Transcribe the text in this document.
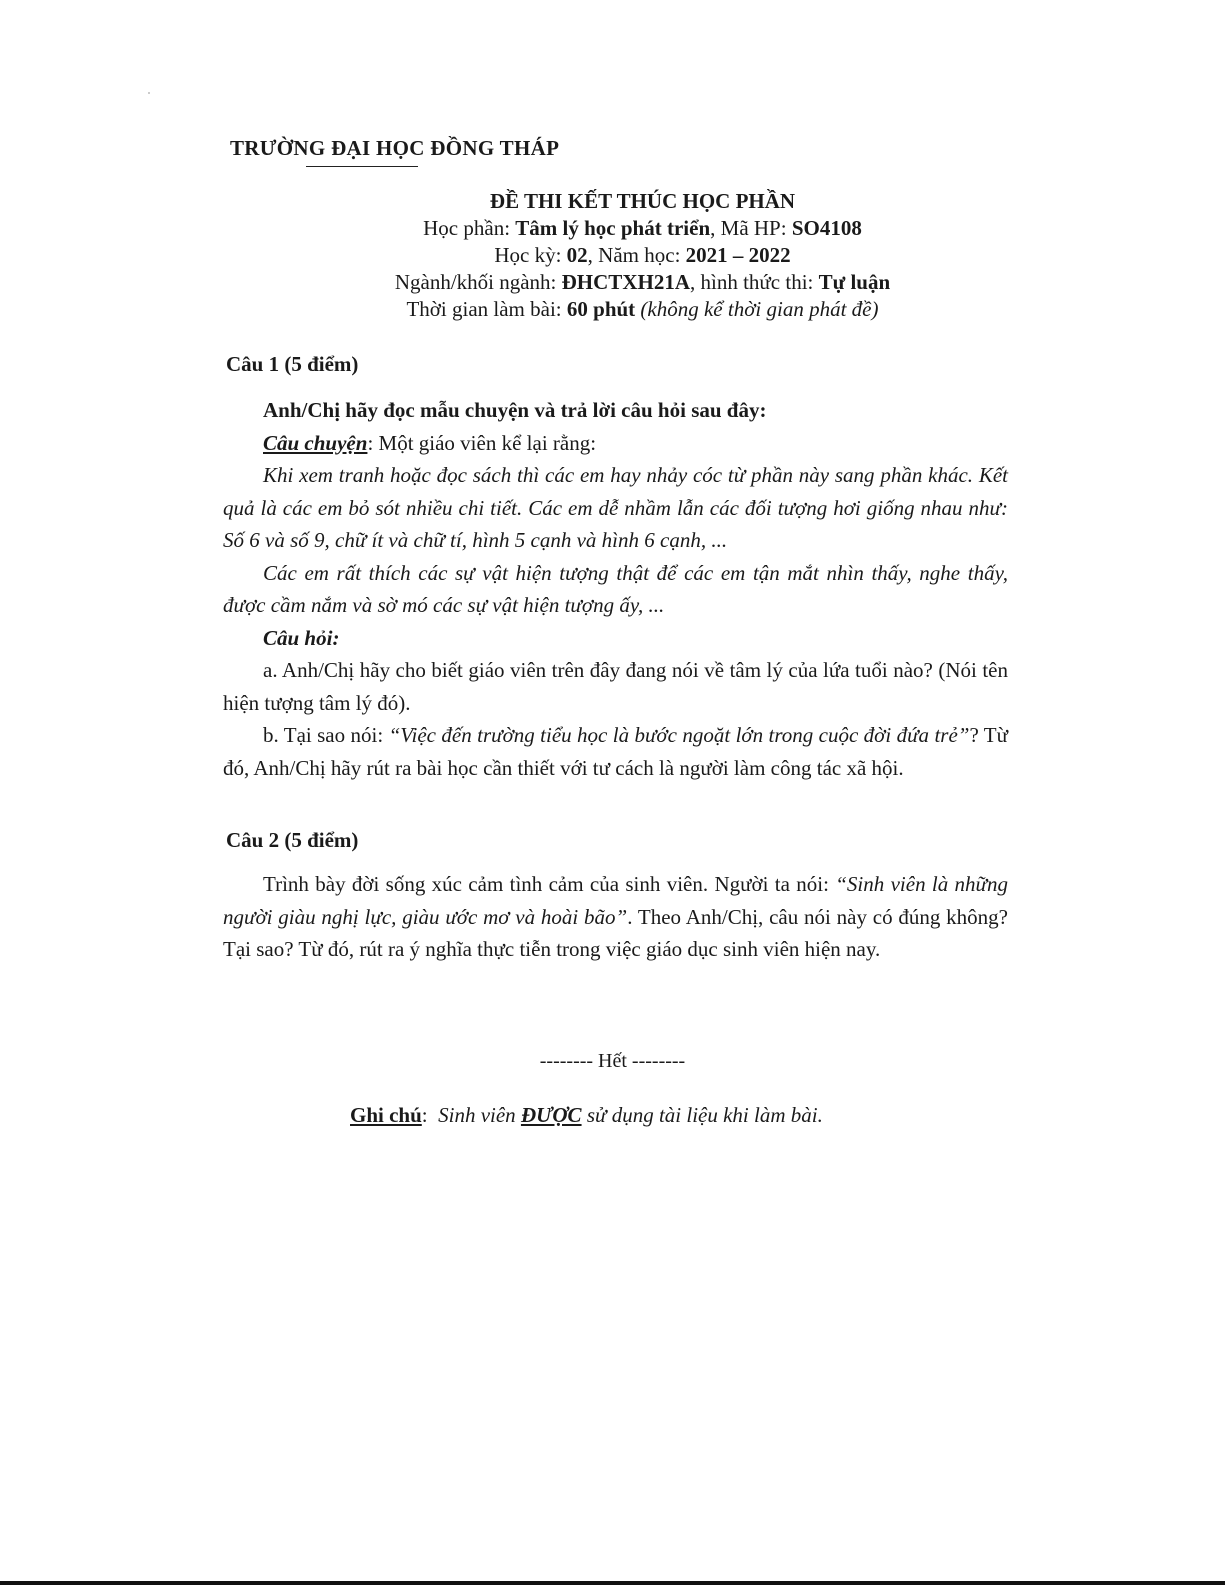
TRƯỜNG ĐẠI HỌC ĐỒNG THÁP
ĐỀ THI KẾT THÚC HỌC PHẦN
Học phần: Tâm lý học phát triển, Mã HP: SO4108
Học kỳ: 02, Năm học: 2021 – 2022
Ngành/khối ngành: ĐHCTXH21A, hình thức thi: Tự luận
Thời gian làm bài: 60 phút (không kể thời gian phát đề)
Câu 1 (5 điểm)

Anh/Chị hãy đọc mẫu chuyện và trả lời câu hỏi sau đây:

Câu chuyện: Một giáo viên kể lại rằng:

Khi xem tranh hoặc đọc sách thì các em hay nhảy cóc từ phần này sang phần khác. Kết quả là các em bỏ sót nhiều chi tiết. Các em dễ nhầm lẫn các đối tượng hơi giống nhau như: Số 6 và số 9, chữ ít và chữ tí, hình 5 cạnh và hình 6 cạnh, ...

Các em rất thích các sự vật hiện tượng thật để các em tận mắt nhìn thấy, nghe thấy, được cầm nắm và sờ mó các sự vật hiện tượng ấy, ...

Câu hỏi:

a. Anh/Chị hãy cho biết giáo viên trên đây đang nói về tâm lý của lứa tuổi nào? (Nói tên hiện tượng tâm lý đó).

b. Tại sao nói: “Việc đến trường tiểu học là bước ngoặt lớn trong cuộc đời đứa trẻ”? Từ đó, Anh/Chị hãy rút ra bài học cần thiết với tư cách là người làm công tác xã hội.

Câu 2 (5 điểm)

Trình bày đời sống xúc cảm tình cảm của sinh viên. Người ta nói: “Sinh viên là những người giàu nghị lực, giàu ước mơ và hoài bão”. Theo Anh/Chị, câu nói này có đúng không? Tại sao? Từ đó, rút ra ý nghĩa thực tiễn trong việc giáo dục sinh viên hiện nay.

-------- Hết --------
Ghi chú: Sinh viên ĐƯỢC sử dụng tài liệu khi làm bài.
